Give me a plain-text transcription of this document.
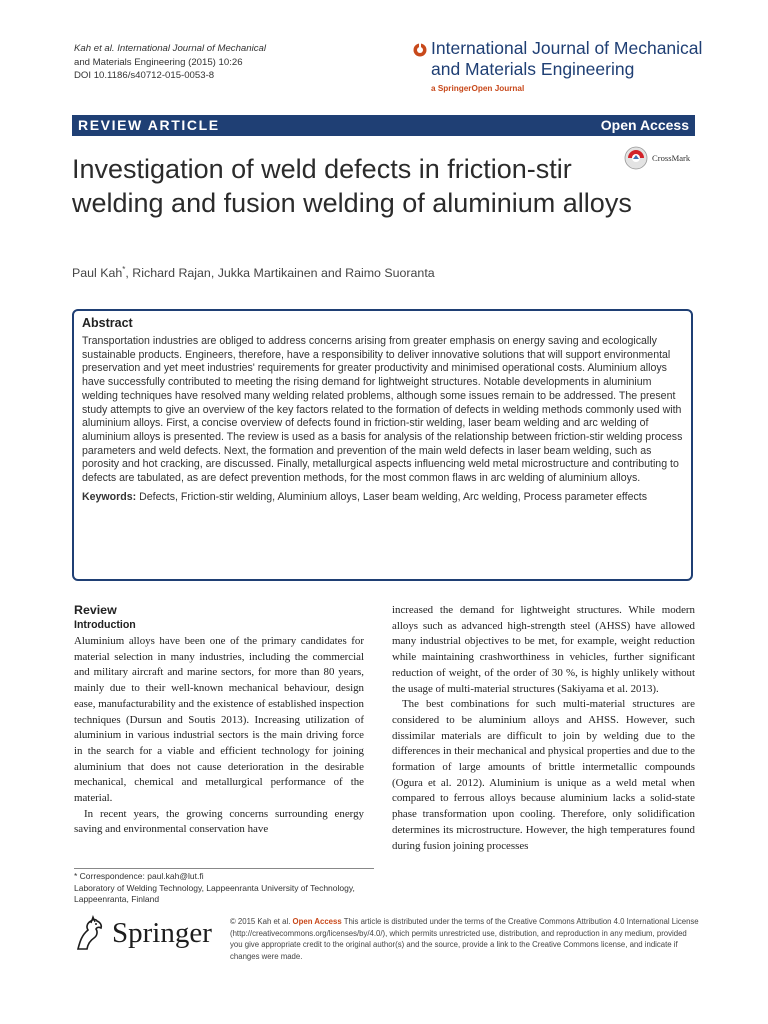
Kah et al. International Journal of Mechanical
and Materials Engineering (2015) 10:26
DOI 10.1186/s40712-015-0053-8
International Journal of Mechanical
and Materials Engineering
a SpringerOpen Journal
REVIEW ARTICLE	Open Access
Investigation of weld defects in friction-stir welding and fusion welding of aluminium alloys
CrossMark
Paul Kah*, Richard Rajan, Jukka Martikainen and Raimo Suoranta
Abstract

Transportation industries are obliged to address concerns arising from greater emphasis on energy saving and ecologically sustainable products. Engineers, therefore, have a responsibility to deliver innovative solutions that will support environmental preservation and yet meet industries' requirements for greater productivity and minimised operational costs. Aluminium alloys have successfully contributed to meeting the rising demand for lightweight structures. Notable developments in aluminium welding techniques have resolved many welding related problems, although some issues remain to be addressed. The present study attempts to give an overview of the key factors related to the formation of defects in welding methods commonly used with aluminium alloys. First, a concise overview of defects found in friction-stir welding, laser beam welding and arc welding of aluminium alloys is presented. The review is used as a basis for analysis of the relationship between friction-stir welding process parameters and weld defects. Next, the formation and prevention of the main weld defects in laser beam welding, such as porosity and hot cracking, are discussed. Finally, metallurgical aspects influencing weld metal microstructure and contributing to defects are tabulated, as are defect prevention methods, for the most common flaws in arc welding of aluminium alloys.

Keywords: Defects, Friction-stir welding, Aluminium alloys, Laser beam welding, Arc welding, Process parameter effects

Review
Introduction

Aluminium alloys have been one of the primary candidates for material selection in many industries, including the commercial and military aircraft and marine sectors, for more than 80 years, mainly due to their well-known mechanical behaviour, design ease, manufacturability and the existence of established inspection techniques (Dursun and Soutis 2013). Increasing utilization of aluminium in various industrial sectors is the main driving force in the search for a viable and efficient technology for joining aluminium that does not cause deterioration in the desirable mechanical, chemical and metallurgical performance of the material.

In recent years, the growing concerns surrounding energy saving and environmental conservation have

increased the demand for lightweight structures. While modern alloys such as advanced high-strength steel (AHSS) have allowed many industrial objectives to be met, for example, weight reduction while maintaining crashworthiness in vehicles, further significant reduction of weight, of the order of 30 %, is highly unlikely without the usage of multi-material structures (Sakiyama et al. 2013).

The best combinations for such multi-material structures are considered to be aluminium alloys and AHSS. However, such dissimilar materials are difficult to join by welding due to the differences in their mechanical and physical properties and due to the formation of large amounts of brittle intermetallic compounds (Ogura et al. 2012). Aluminium is unique as a weld metal when compared to ferrous alloys because aluminium lacks a solid-state phase transformation upon cooling. Therefore, only solidification determines its microstructure. However, the high temperatures found during fusion joining processes

* Correspondence: paul.kah@lut.fi
Laboratory of Welding Technology, Lappeenranta University of Technology, Lappeenranta, Finland
Springer © 2015 Kah et al. Open Access This article is distributed under the terms of the Creative Commons Attribution 4.0 International License (http://creativecommons.org/licenses/by/4.0/), which permits unrestricted use, distribution, and reproduction in any medium, provided you give appropriate credit to the original author(s) and the source, provide a link to the Creative Commons license, and indicate if changes were made.
